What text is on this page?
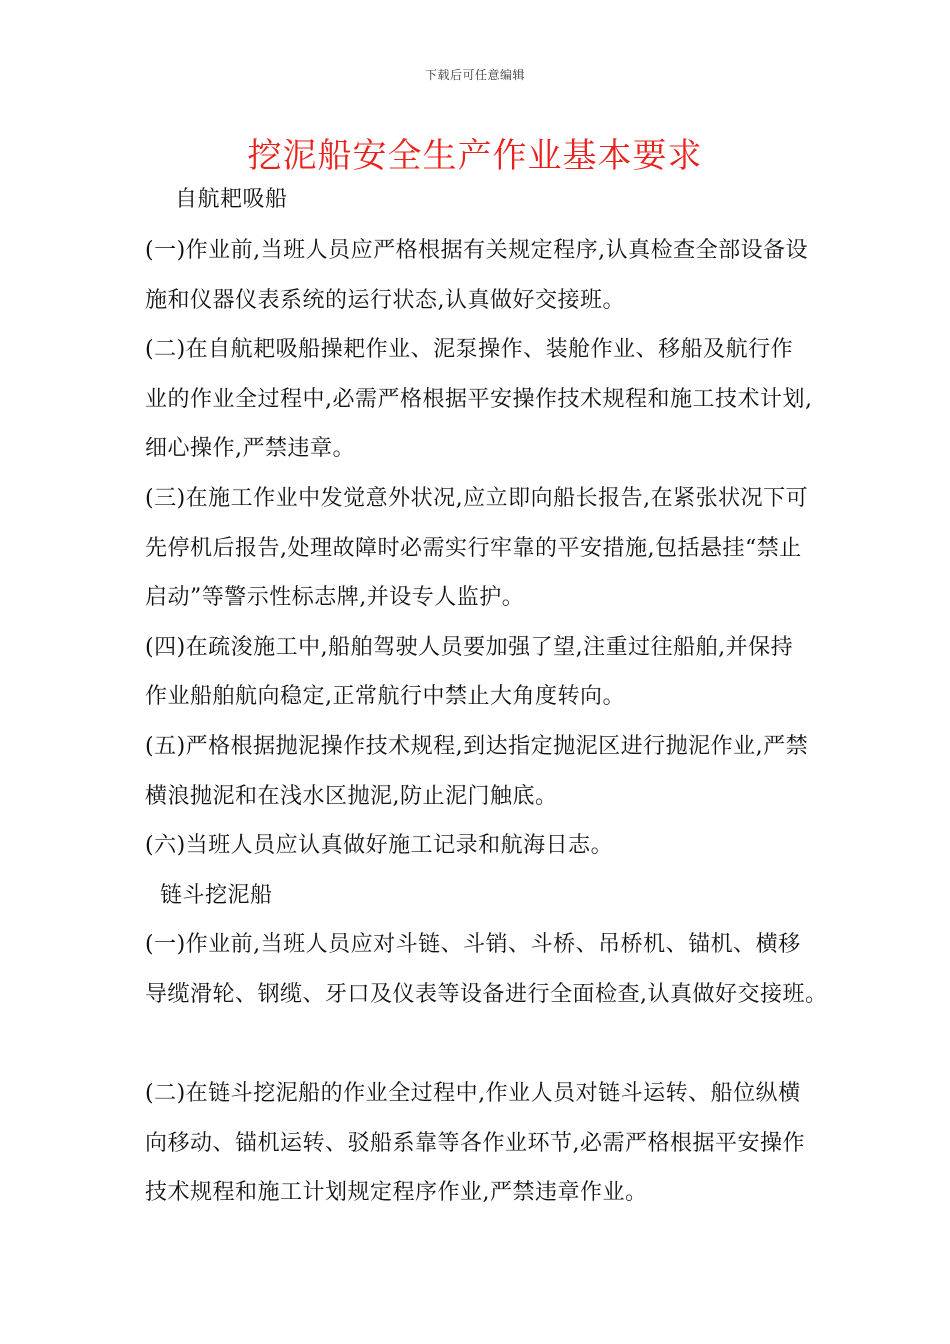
下载后可任意编辑
挖泥船安全生产作业基本要求
自航耙吸船
(一)作业前,当班人员应严格根据有关规定程序,认真检查全部设备设
施和仪器仪表系统的运行状态,认真做好交接班。
(二)在自航耙吸船操耙作业、泥泵操作、装舱作业、移船及航行作
业的作业全过程中,必需严格根据平安操作技术规程和施工技术计划,
细心操作,严禁违章。
(三)在施工作业中发觉意外状况,应立即向船长报告,在紧张状况下可
先停机后报告,处理故障时必需实行牢靠的平安措施,包括悬挂“禁止
启动”等警示性标志牌,并设专人监护。
(四)在疏浚施工中,船舶驾驶人员要加强了望,注重过往船舶,并保持
作业船舶航向稳定,正常航行中禁止大角度转向。
(五)严格根据抛泥操作技术规程,到达指定抛泥区进行抛泥作业,严禁
横浪抛泥和在浅水区抛泥,防止泥门触底。
(六)当班人员应认真做好施工记录和航海日志。
链斗挖泥船
(一)作业前,当班人员应对斗链、斗销、斗桥、吊桥机、锚机、横移
导缆滑轮、钢缆、牙口及仪表等设备进行全面检查,认真做好交接班。
(二)在链斗挖泥船的作业全过程中,作业人员对链斗运转、船位纵横
向移动、锚机运转、驳船系靠等各作业环节,必需严格根据平安操作
技术规程和施工计划规定程序作业,严禁违章作业。
